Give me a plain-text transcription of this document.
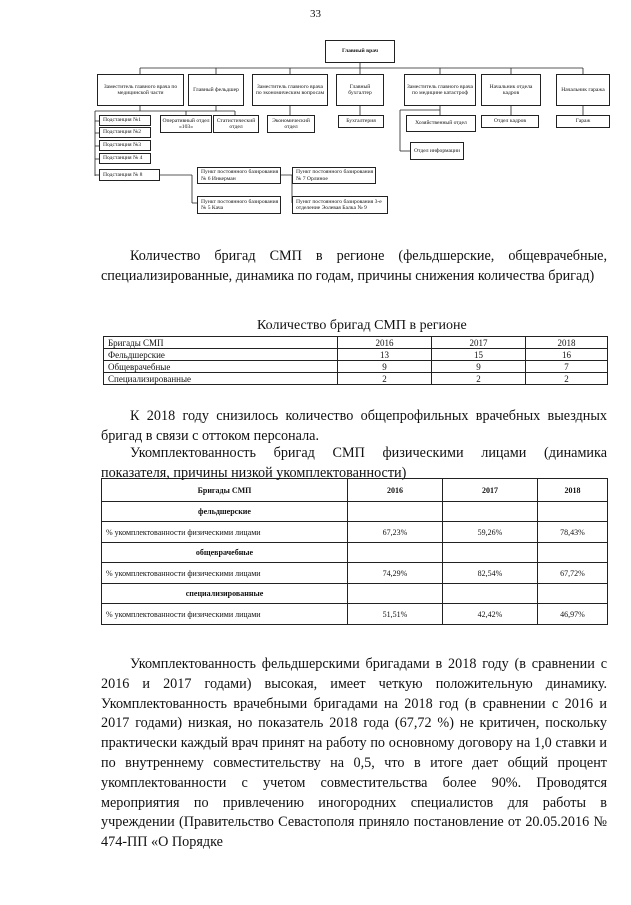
33
Главный врач
Заместитель главного врача по медицинской части
Главный фельдшер
Заместитель главного врача по экономическим вопросам
Главный бухгалтер
Заместитель главного врача по медицине катастроф
Начальник отдела кадров
Начальник гаража
Подстанция №1
Подстанция №2
Подстанция №3
Подстанция № 4
Подстанция № 8
Оперативный отдел «103»
Статистический отдел
Экономический отдел
Бухгалтерия	Хозяйственный отдел
Отдел информации
Отдел кадров	Гараж
Пункт постоянного базирования № 6 Инкерман
Пункт постоянного базирования № 7 Орлиное
Пункт постоянного базирования № 5 Кача
Пункт постоянного базирования 3-е отделение Эолевая Балка № 9
Количество бригад СМП в регионе (фельдшерские, общеврачебные, специализированные, динамика по годам, причины снижения количества бригад)
Количество бригад СМП в регионе
Бригады СМП	2016	2017	2018
Фельдшерские	13	15	16
Общеврачебные	9	9	7
Специализированные	2	2	2
К 2018 году снизилось количество общепрофильных врачебных выездных бригад в связи с оттоком персонала.
Укомплектованность бригад СМП физическими лицами (динамика показателя, причины низкой укомплектованности)
Бригады СМП	2016	2017	2018
фельдшерские			
% укомплектованности физическими лицами	67,23%	59,26%	78,43%
общеврачебные			
% укомплектованности физическими лицами	74,29%	82,54%	67,72%
специализированные			
% укомплектованности физическими лицами	51,51%	42,42%	46,97%
Укомплектованность фельдшерскими бригадами в 2018 году (в сравнении с 2016 и 2017 годами) высокая, имеет четкую положительную динамику. Укомплектованность врачебными бригадами на 2018 год (в сравнении с 2016 и 2017 годами) низкая, но показатель 2018 года (67,72 %) не критичен, поскольку практически каждый врач принят на работу по основному договору на 1,0 ставки и по внутреннему совместительству на 0,5, что в итоге дает общий процент укомплектованности с учетом совместительства более 90%. Проводятся мероприятия по привлечению иногородних специалистов для работы в учреждении (Правительство Севастополя приняло постановление от 20.05.2016 № 474-ПП «О Порядке
